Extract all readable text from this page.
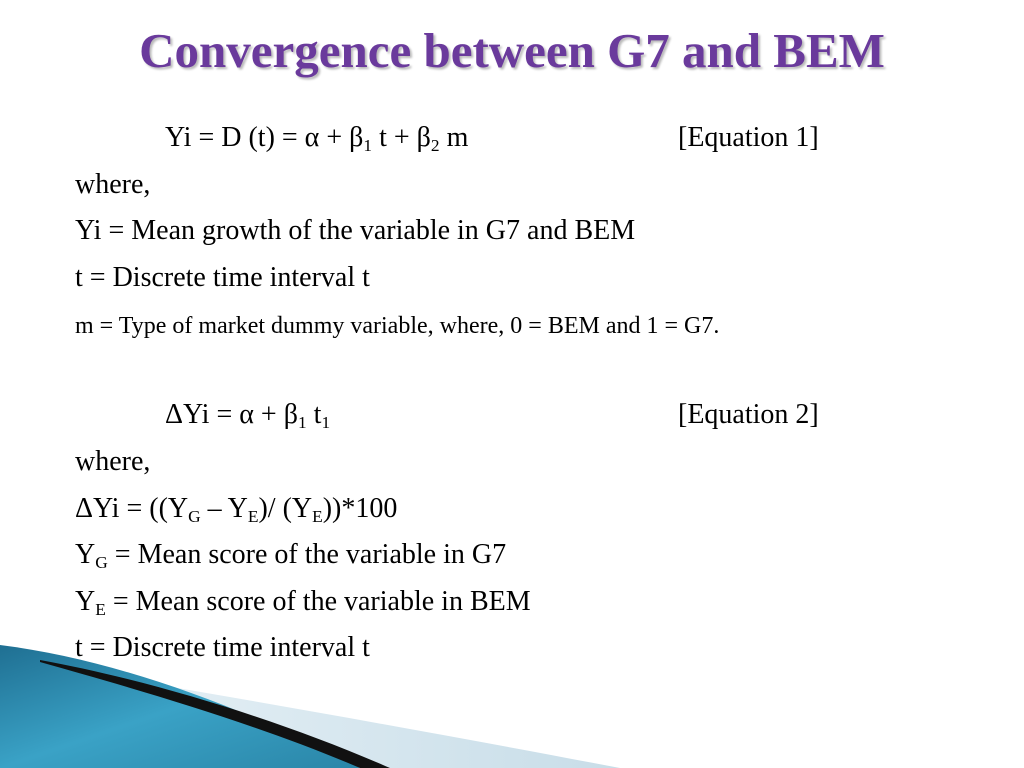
Convergence between G7 and BEM

Yi = D $(t) = \alpha + \beta_1$ $t + \beta_2$ m	[Equation 1]

where,

Yi = Mean growth of the variable in G7 and BEM

t = Discrete time interval t

m = Type of market dummy variable, where, 0 = BEM and 1 = G7.

$\Delta Yi = \alpha + \beta_1$ $t_1$	[Equation 2]

where,

$\Delta Yi = ((Y_G - Y_E)/$ $(Y_E))*100$

$Y_G$ = Mean score of the variable in G7

$Y_E$ = Mean score of the variable in BEM

t = Discrete time interval t
